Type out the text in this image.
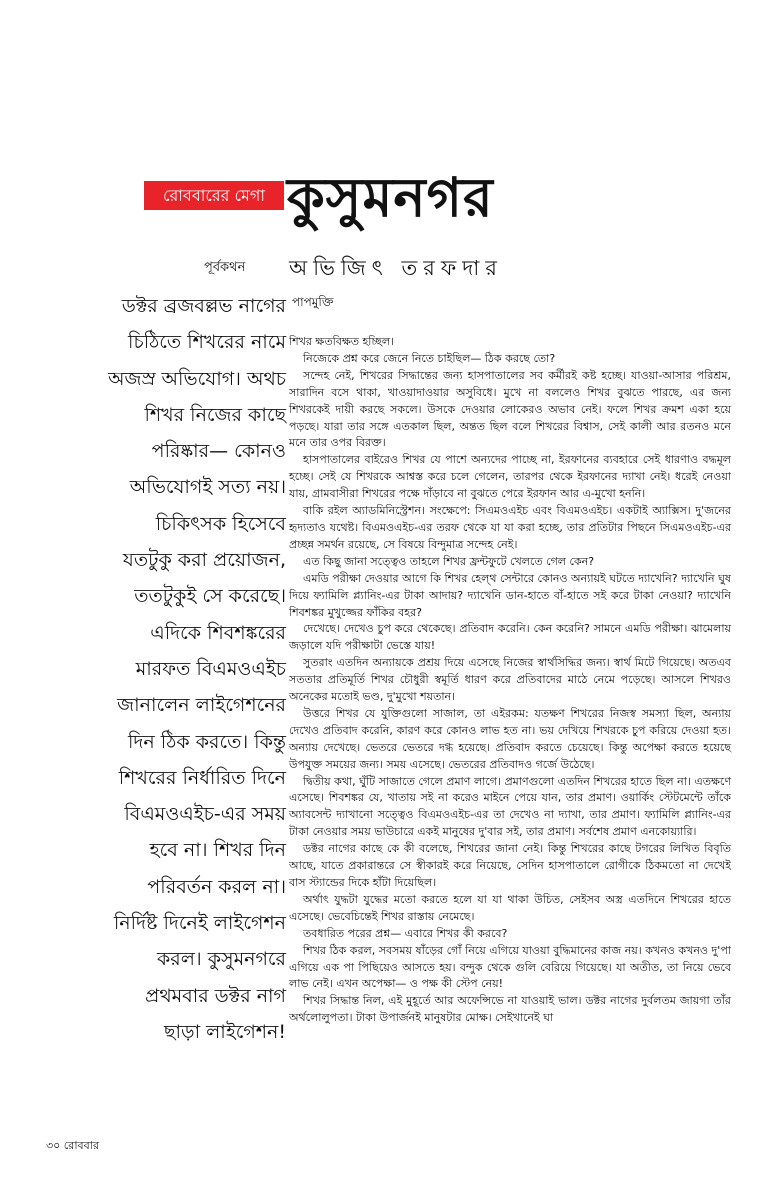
রোববারের মেগা কুসুমনগর
পূর্বকথন অভিজিৎ তরফদার
পাপমুক্তি

ডক্টর ব্রজবল্লভ নাগের

চিঠিতে শিখরের নামে

অজস্র অভিযোগ। অথচ

শিখর নিজের কাছে

পরিষ্কার— কোনও

অভিযোগই সত্য নয়।

চিকিৎসক হিসেবে

যতটুকু করা প্রয়োজন,

ততটুকুই সে করেছে।

এদিকে শিবশঙ্করের

মারফত বিএমওএইচ

জানালেন লাইগেশনের

দিন ঠিক করতে। কিন্তু

শিখরের নির্ধারিত দিনে

বিএমওএইচ-এর সময়

হবে না। শিখর দিন

পরিবর্তন করল না।

নির্দিষ্ট দিনেই লাইগেশন

করল। কুসুমনগরে

প্রথমবার ডক্টর নাগ

ছাড়া লাইগেশন!

শিখর ক্ষতবিক্ষত হচ্ছিল।

নিজেকে প্রশ্ন করে জেনে নিতে চাইছিল— ঠিক করছে তো?

সন্দেহ নেই, শিখরের সিদ্ধান্তের জন্য হাসপাতালের সব কর্মীরই কষ্ট হচ্ছে। যাওয়া-আসার পরিশ্রম, সারাদিন বসে থাকা, খাওয়াদাওয়ার অসুবিধে। মুখে না বললেও শিখর বুঝতে পারছে, এর জন্য শিখরকেই দায়ী করছে সকলে। উসকে দেওয়ার লোকেরও অভাব নেই। ফলে শিখর ক্রমশ একা হয়ে পড়ছে। যারা তার সঙ্গে এতকাল ছিল, অন্তত ছিল বলে শিখরের বিশ্বাস, সেই কালী আর রতনও মনে মনে তার ওপর বিরক্ত।

হাসপাতালের বাইরেও শিখর যে পাশে অন্যদের পাচ্ছে না, ইরফানের ব্যবহারে সেই ধারণাও বদ্ধমূল হচ্ছে। সেই যে শিখরকে আশ্বস্ত করে চলে গেলেন, তারপর থেকে ইরফানের দ্যাখা নেই। ধরেই নেওয়া যায়, গ্রামবাসীরা শিখরের পক্ষে দাঁড়াবে না বুঝতে পেরে ইরফান আর এ-মুখো হননি।

বাকি রইল অ্যাডমিনিস্ট্রেশন। সংক্ষেপে: সিএমওএইচ এবং বিএমওএইচ। একটাই অ্যাক্সিস। দু'জনের হৃদ্যতাও যথেষ্ট। বিএমওএইচ-এর তরফ থেকে যা যা করা হচ্ছে, তার প্রতিটার পিছনে সিএমওএইচ-এর প্রচ্ছন্ন সমর্থন রয়েছে, সে বিষয়ে বিন্দুমাত্র সন্দেহ নেই।

এত কিছু জানা সত্ত্বেও তাহলে শিখর ফ্রন্টফুটে খেলতে গেল কেন?

এমডি পরীক্ষা দেওয়ার আগে কি শিখর হেল্থ সেন্টারে কোনও অন্যায়ই ঘটতে দ্যাখেনি? দ্যাখেনি ঘুষ দিয়ে ফ্যামিলি প্ল্যানিং-এর টাকা আদায়? দ্যাখেনি ডান-হাতে বাঁ-হাতে সই করে টাকা নেওয়া? দ্যাখেনি শিবশঙ্কর মুখুজ্জের ফাঁকির বহর?

দেখেছে। দেখেও চুপ করে থেকেছে। প্রতিবাদ করেনি। কেন করেনি? সামনে এমডি পরীক্ষা। ঝামেলায় জড়ালে যদি পরীক্ষাটা ভেস্তে যায়!

সুতরাং এতদিন অন্যায়কে প্রশ্রয় দিয়ে এসেছে নিজের স্বার্থসিদ্ধির জন্য। স্বার্থ মিটে গিয়েছে। অতএব সততার প্রতিমূর্তি শিখর চৌধুরী স্বমূর্তি ধারণ করে প্রতিবাদের মাঠে নেমে পড়েছে। আসলে শিখরও অনেকের মতোই ভণ্ড, দু'মুখো শয়তান।

উত্তরে শিখর যে যুক্তিগুলো সাজাল, তা এইরকম: যতক্ষণ শিখরের নিজস্ব সমস্যা ছিল, অন্যায় দেখেও প্রতিবাদ করেনি, কারণ করে কোনও লাভ হত না। ভয় দেখিয়ে শিখরকে চুপ করিয়ে দেওয়া হত। অন্যায় দেখেছে। ভেতরে ভেতরে দগ্ধ হয়েছে। প্রতিবাদ করতে চেয়েছে। কিন্তু অপেক্ষা করতে হয়েছে উপযুক্ত সময়ের জন্য। সময় এসেছে। ভেতরের প্রতিবাদও গর্জে উঠেছে।

দ্বিতীয় কথা, ঘুঁটি সাজাতে গেলে প্রমাণ লাগে। প্রমাণগুলো এতদিন শিখরের হাতে ছিল না। এতক্ষণে এসেছে। শিবশঙ্কর যে, খাতায় সই না করেও মাইনে পেয়ে যান, তার প্রমাণ। ওয়ার্কিং স্টেটমেন্টে তাঁকে অ্যাবসেন্ট দ্যাখানো সত্ত্বেও বিএমওএইচ-এর তা দেখেও না দ্যাখা, তার প্রমাণ। ফ্যামিলি প্ল্যানিং-এর টাকা নেওয়ার সময় ভাউচারে একই মানুষের দু'বার সই, তার প্রমাণ। সর্বশেষ প্রমাণ এনকোয়্যারি।

ডক্টর নাগের কাছে কে কী বলেছে, শিখরের জানা নেই। কিন্তু শিখরের কাছে টগরের লিখিত বিবৃতি আছে, যাতে প্রকারান্তরে সে স্বীকারই করে নিয়েছে, সেদিন হাসপাতালে রোগীকে ঠিকমতো না দেখেই বাস স্ট্যান্ডের দিকে হাঁটা দিয়েছিল।

অর্থাৎ যুদ্ধটা যুদ্ধের মতো করতে হলে যা যা থাকা উচিত, সেইসব অস্ত্র এতদিনে শিখরের হাতে এসেছে। ভেবেচিন্তেই শিখর রাস্তায় নেমেছে।

তবধারিত পরের প্রশ্ন— এবারে শিখর কী করবে?

শিখর ঠিক করল, সবসময় ষাঁড়ের গোঁ নিয়ে এগিয়ে যাওয়া বুদ্ধিমানের কাজ নয়। কখনও কখনও দু'পা এগিয়ে এক পা পিছিয়েও আসতে হয়। বন্দুক থেকে গুলি বেরিয়ে গিয়েছে। যা অতীত, তা নিয়ে ভেবে লাভ নেই। এখন অপেক্ষা— ও পক্ষ কী স্টেপ নেয়!

শিখর সিদ্ধান্ত নিল, এই মুহূর্তে আর অফেন্সিভে না যাওয়াই ভাল। ডক্টর নাগের দুর্বলতম জায়গা তাঁর অর্থলোলুপতা। টাকা উপার্জনই মানুষটার মোক্ষ। সেইখানেই ঘা

৩০ রোববার
